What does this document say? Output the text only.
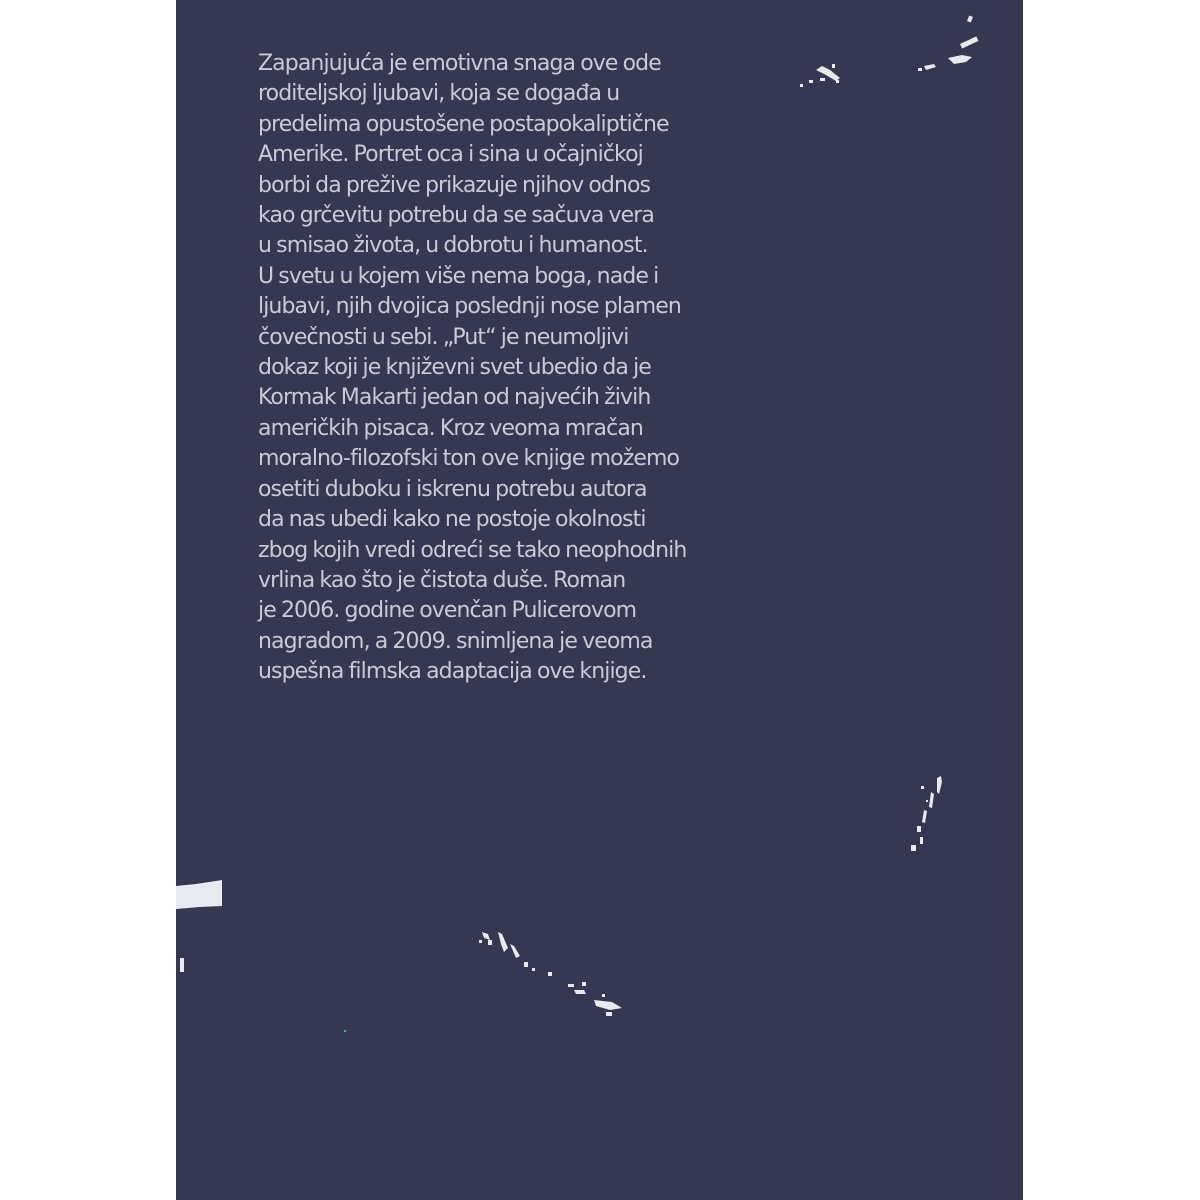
Zapanjujuća je emotivna snaga ove ode
roditeljskoj ljubavi, koja se događa u
predelima opustošene postapokaliptične
Amerike. Portret oca i sina u očajničkoj
borbi da prežive prikazuje njihov odnos
kao grčevitu potrebu da se sačuva vera
u smisao života, u dobrotu i humanost.
U svetu u kojem više nema boga, nade i
ljubavi, njih dvojica poslednji nose plamen
čovečnosti u sebi. „Put“ je neumoljivi
dokaz koji je književni svet ubedio da je
Kormak Makarti jedan od najvećih živih
američkih pisaca. Kroz veoma mračan
moralno-filozofski ton ove knjige možemo
osetiti duboku i iskrenu potrebu autora
da nas ubedi kako ne postoje okolnosti
zbog kojih vredi odreći se tako neophodnih
vrlina kao što je čistota duše. Roman
je 2006. godine ovenčan Pulicerovom
nagradom, a 2009. snimljena je veoma
uspešna filmska adaptacija ove knjige.
